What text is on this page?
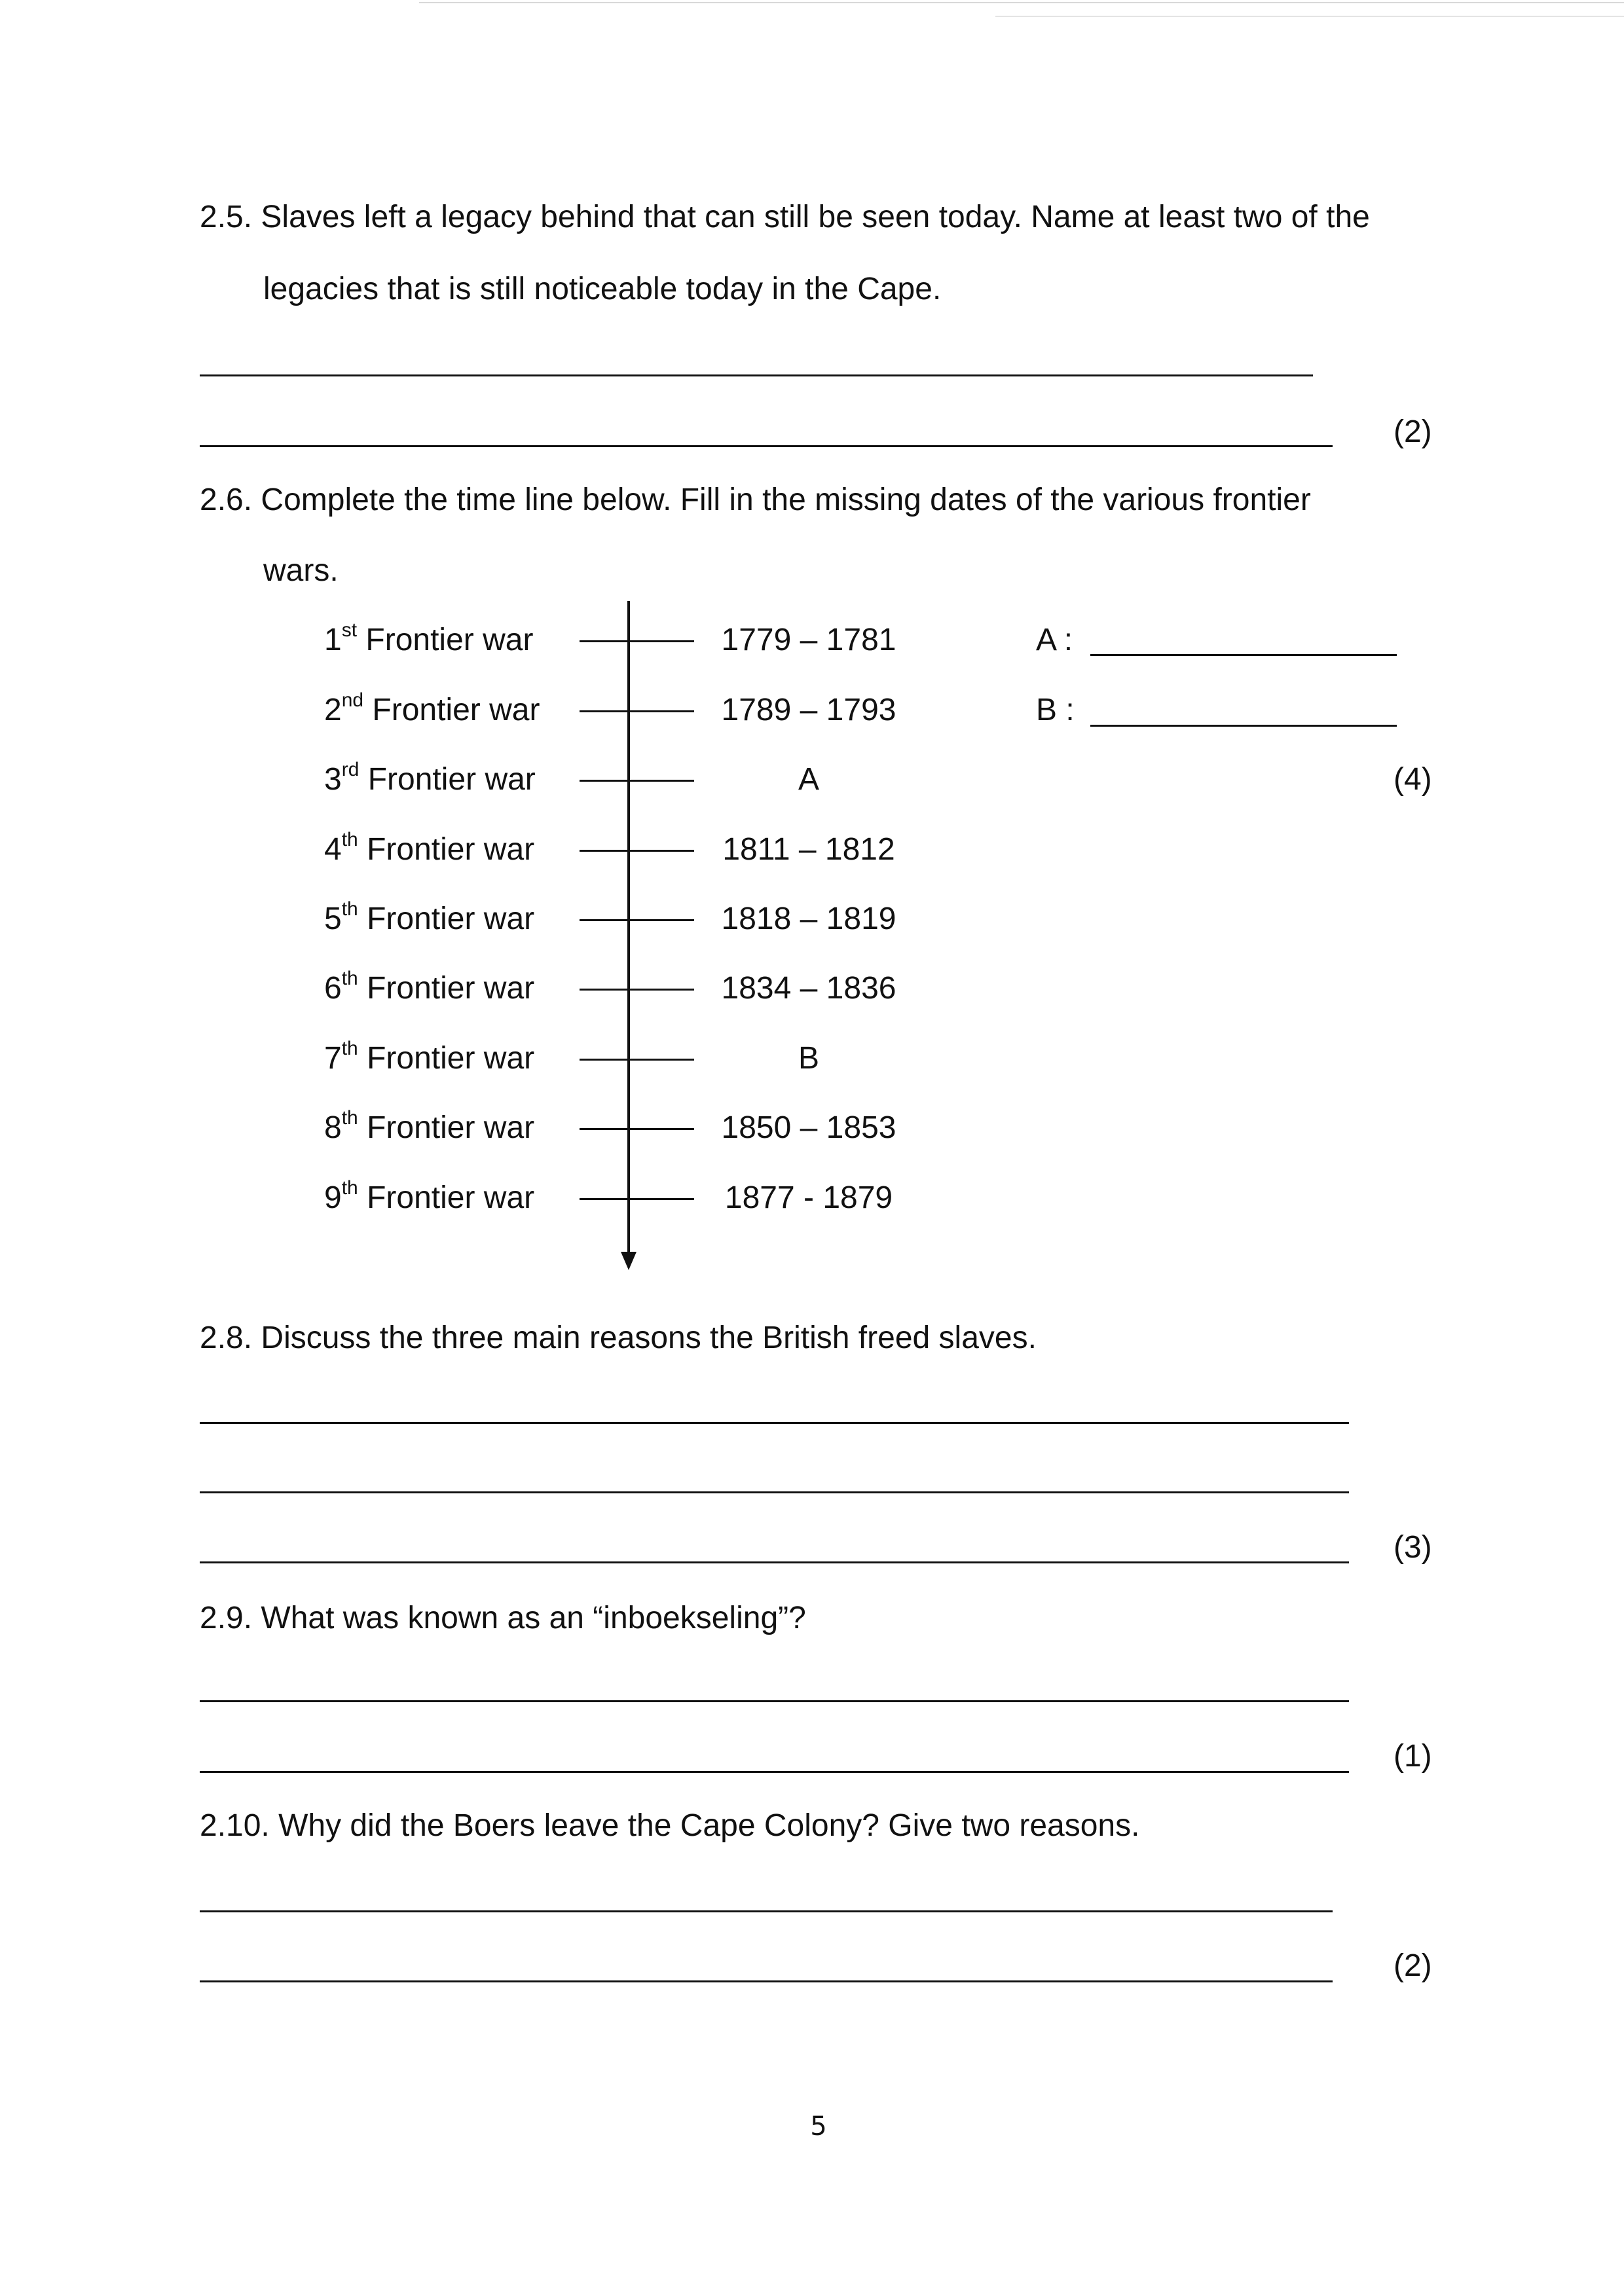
2.5. Slaves left a legacy behind that can still be seen today. Name at least two of the
legacies that is still noticeable today in the Cape.
(2)
2.6. Complete the time line below. Fill in the missing dates of the various frontier
wars.
1st Frontier war	1779 – 1781
2nd Frontier war	1789 – 1793
3rd Frontier war	A
4th Frontier war	1811 – 1812
5th Frontier war	1818 – 1819
6th Frontier war	1834 – 1836
7th Frontier war	B
8th Frontier war	1850 – 1853
9th Frontier war	1877 - 1879
A :
B :
(4)
2.8. Discuss the three main reasons the British freed slaves.
(3)
2.9. What was known as an “inboekseling”?
(1)
2.10. Why did the Boers leave the Cape Colony? Give two reasons.
(2)
5
